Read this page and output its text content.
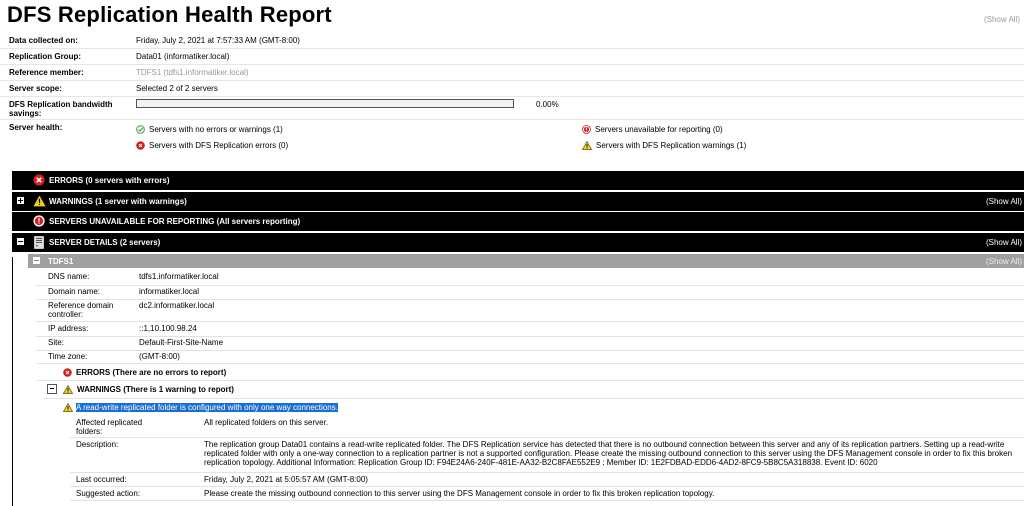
DFS Replication Health Report	(Show All)
Data collected on:	Friday, July 2, 2021 at 7:57:33 AM (GMT-8:00)
Replication Group:	Data01 (informatiker.local)
Reference member:	TDFS1 (tdfs1.informatiker.local)
Server scope:	Selected 2 of 2 servers
DFS Replication bandwidth savings:
0.00%
Server health:	Servers with no errors or warnings (1)
Servers with DFS Replication errors (0)
Servers unavailable for reporting (0)
Servers with DFS Replication warnings (1)
ERRORS (0 servers with errors)
WARNINGS (1 server with warnings)	(Show All)
SERVERS UNAVAILABLE FOR REPORTING (All servers reporting)
SERVER DETAILS (2 servers)	(Show All)
TDFS1	(Show All)
DNS name:	tdfs1.informatiker.local
Domain name:	informatiker.local
Reference domain controller:
dc2.informatiker.local
IP address:	::1,10.100.98.24
Site:	Default-First-Site-Name
Time zone:	(GMT-8:00)
ERRORS (There are no errors to report)
WARNINGS (There is 1 warning to report)
A read-write replicated folder is configured with only one way connections.
Affected replicated folders:
All replicated folders on this server.
Description:	The replication group Data01 contains a read-write replicated folder. The DFS Replication service has detected that there is no outbound connection between this server and any of its replication partners. Setting up a read-write replicated folder with only a one-way connection to a replication partner is not a supported configuration. Please create the missing outbound connection to this server using the DFS Management console in order to fix this broken replication topology. Additional Information: Replication Group ID: F94E24A6-240F-481E-AA32-B2C8FAE552E9 ; Member ID: 1E2FDBAD-EDD6-4AD2-8FC9-5B8C5A318838. Event ID: 6020
Last occurred:	Friday, July 2, 2021 at 5:05:57 AM (GMT-8:00)
Suggested action:	Please create the missing outbound connection to this server using the DFS Management console in order to fix this broken replication topology.
